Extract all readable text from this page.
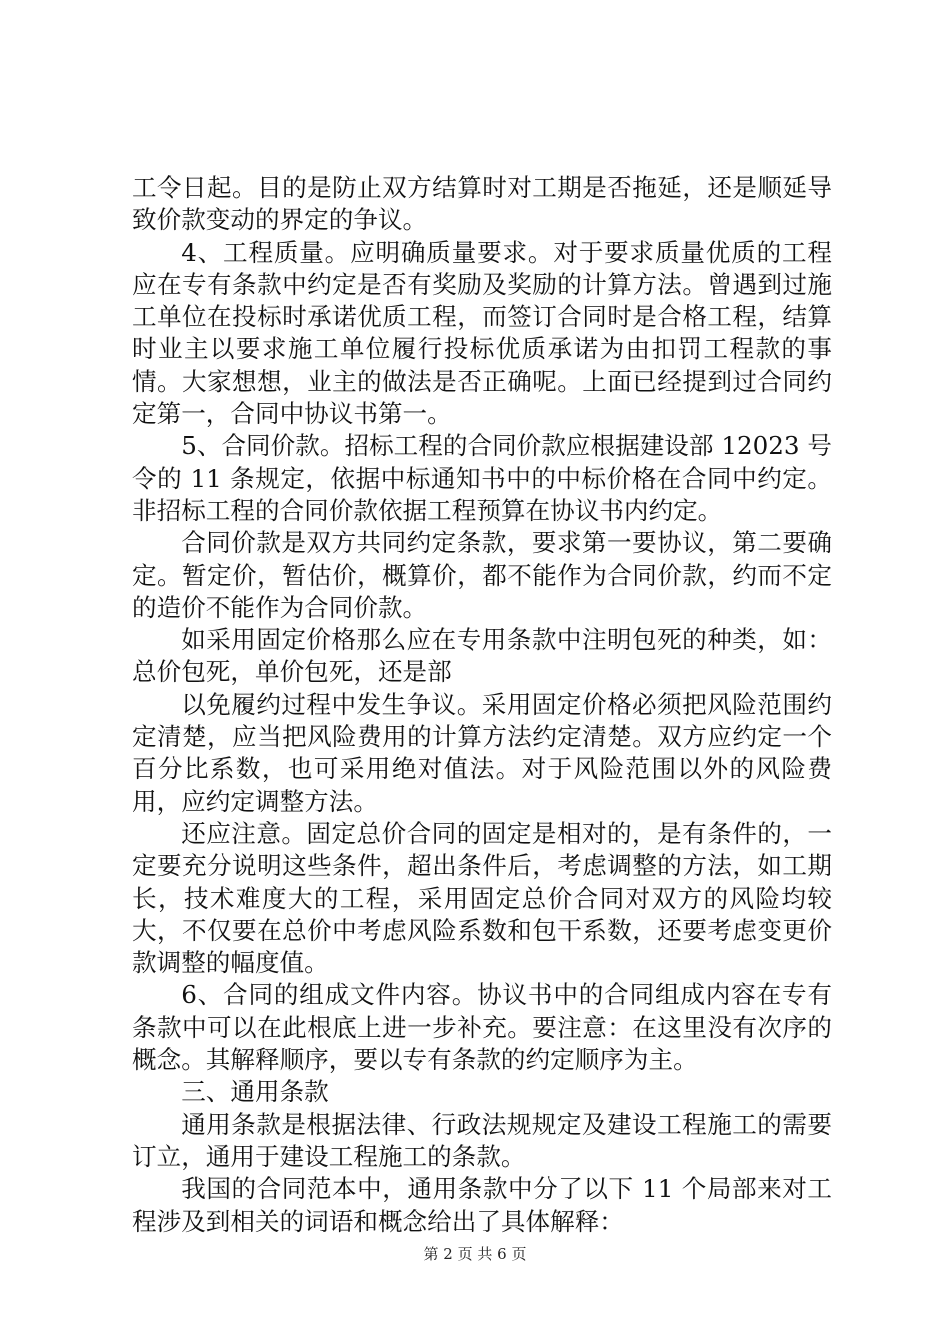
工令日起。目的是防止双方结算时对工期是否拖延，还是顺延导致价款变动的界定的争议。

4、工程质量。应明确质量要求。对于要求质量优质的工程应在专有条款中约定是否有奖励及奖励的计算方法。曾遇到过施工单位在投标时承诺优质工程，而签订合同时是合格工程，结算时业主以要求施工单位履行投标优质承诺为由扣罚工程款的事情。大家想想，业主的做法是否正确呢。上面已经提到过合同约定第一，合同中协议书第一。

5、合同价款。招标工程的合同价款应根据建设部 12023 号令的 11 条规定，依据中标通知书中的中标价格在合同中约定。非招标工程的合同价款依据工程预算在协议书内约定。

合同价款是双方共同约定条款，要求第一要协议，第二要确定。暂定价，暂估价，概算价，都不能作为合同价款，约而不定的造价不能作为合同价款。

如采用固定价格那么应在专用条款中注明包死的种类，如：总价包死，单价包死，还是部

以免履约过程中发生争议。采用固定价格必须把风险范围约定清楚，应当把风险费用的计算方法约定清楚。双方应约定一个百分比系数，也可采用绝对值法。对于风险范围以外的风险费用，应约定调整方法。

还应注意。固定总价合同的固定是相对的，是有条件的，一定要充分说明这些条件，超出条件后，考虑调整的方法，如工期长，技术难度大的工程，采用固定总价合同对双方的风险均较大，不仅要在总价中考虑风险系数和包干系数，还要考虑变更价款调整的幅度值。

6、合同的组成文件内容。协议书中的合同组成内容在专有条款中可以在此根底上进一步补充。要注意：在这里没有次序的概念。其解释顺序，要以专有条款的约定顺序为主。

三、通用条款

通用条款是根据法律、行政法规规定及建设工程施工的需要订立，通用于建设工程施工的条款。

我国的合同范本中，通用条款中分了以下 11 个局部来对工程涉及到相关的词语和概念给出了具体解释：

第 2 页 共 6 页
